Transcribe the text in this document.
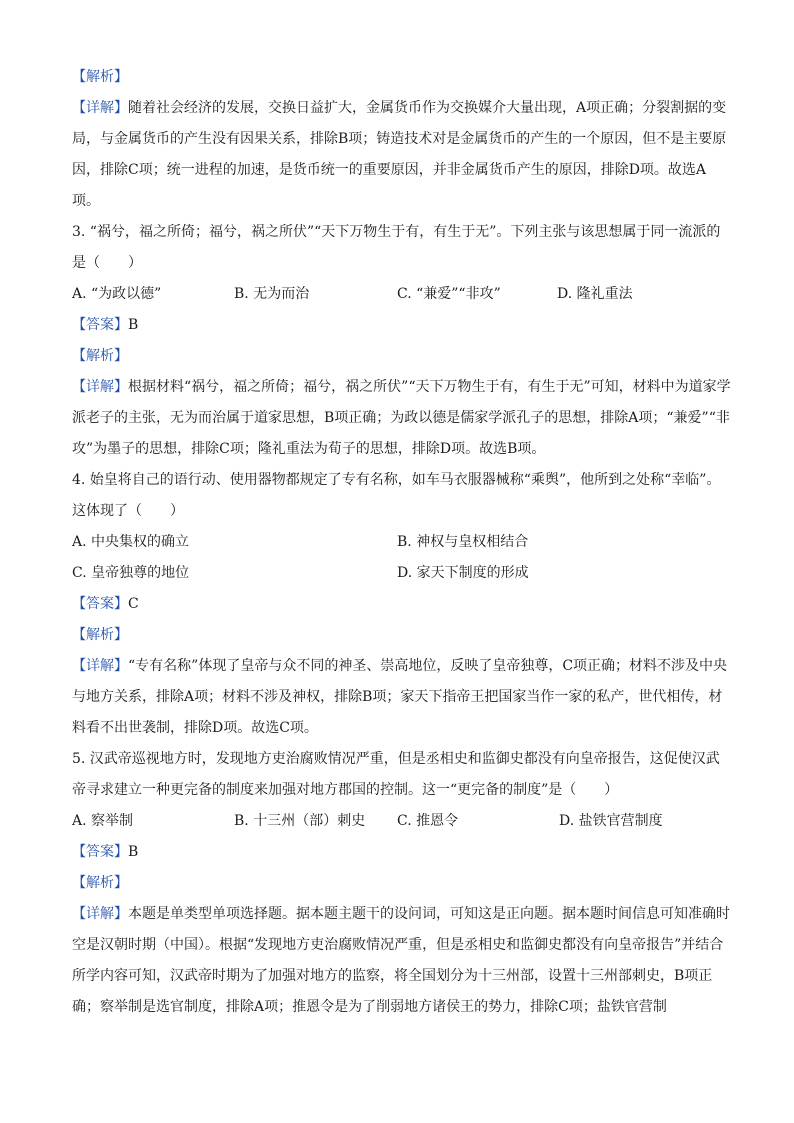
【解析】

【详解】随着社会经济的发展，交换日益扩大，金属货币作为交换媒介大量出现，A项正确；分裂割据的变局，与金属货币的产生没有因果关系，排除B项；铸造技术对是金属货币的产生的一个原因，但不是主要原因，排除C项；统一进程的加速，是货币统一的重要原因，并非金属货币产生的原因，排除D项。故选A项。

3. “祸兮，福之所倚；福兮，祸之所伏”“天下万物生于有，有生于无”。下列主张与该思想属于同一流派的是（　　）

A. “为政以德”	B. 无为而治	C. “兼爱”“非攻”	D. 隆礼重法

【答案】B

【解析】

【详解】根据材料“祸兮，福之所倚；福兮，祸之所伏”“天下万物生于有，有生于无”可知，材料中为道家学派老子的主张，无为而治属于道家思想，B项正确；为政以德是儒家学派孔子的思想，排除A项；“兼爱”“非攻”为墨子的思想，排除C项；隆礼重法为荀子的思想，排除D项。故选B项。

4. 始皇将自己的语行动、使用器物都规定了专有名称，如车马衣服器械称“乘舆”，他所到之处称“幸临”。这体现了（　　）

A. 中央集权的确立	B. 神权与皇权相结合
C. 皇帝独尊的地位	D. 家天下制度的形成

【答案】C

【解析】

【详解】“专有名称”体现了皇帝与众不同的神圣、崇高地位，反映了皇帝独尊，C项正确；材料不涉及中央与地方关系，排除A项；材料不涉及神权，排除B项；家天下指帝王把国家当作一家的私产，世代相传，材料看不出世袭制，排除D项。故选C项。

5. 汉武帝巡视地方时，发现地方吏治腐败情况严重，但是丞相史和监御史都没有向皇帝报告，这促使汉武帝寻求建立一种更完备的制度来加强对地方郡国的控制。这一“更完备的制度”是（　　）

A. 察举制	B. 十三州（部）刺史	C. 推恩令	D. 盐铁官营制度

【答案】B

【解析】

【详解】本题是单类型单项选择题。据本题主题干的设问词，可知这是正向题。据本题时间信息可知准确时空是汉朝时期（中国）。根据“发现地方吏治腐败情况严重，但是丞相史和监御史都没有向皇帝报告”并结合所学内容可知，汉武帝时期为了加强对地方的监察，将全国划分为十三州部，设置十三州部刺史，B项正确；察举制是选官制度，排除A项；推恩令是为了削弱地方诸侯王的势力，排除C项；盐铁官营制
